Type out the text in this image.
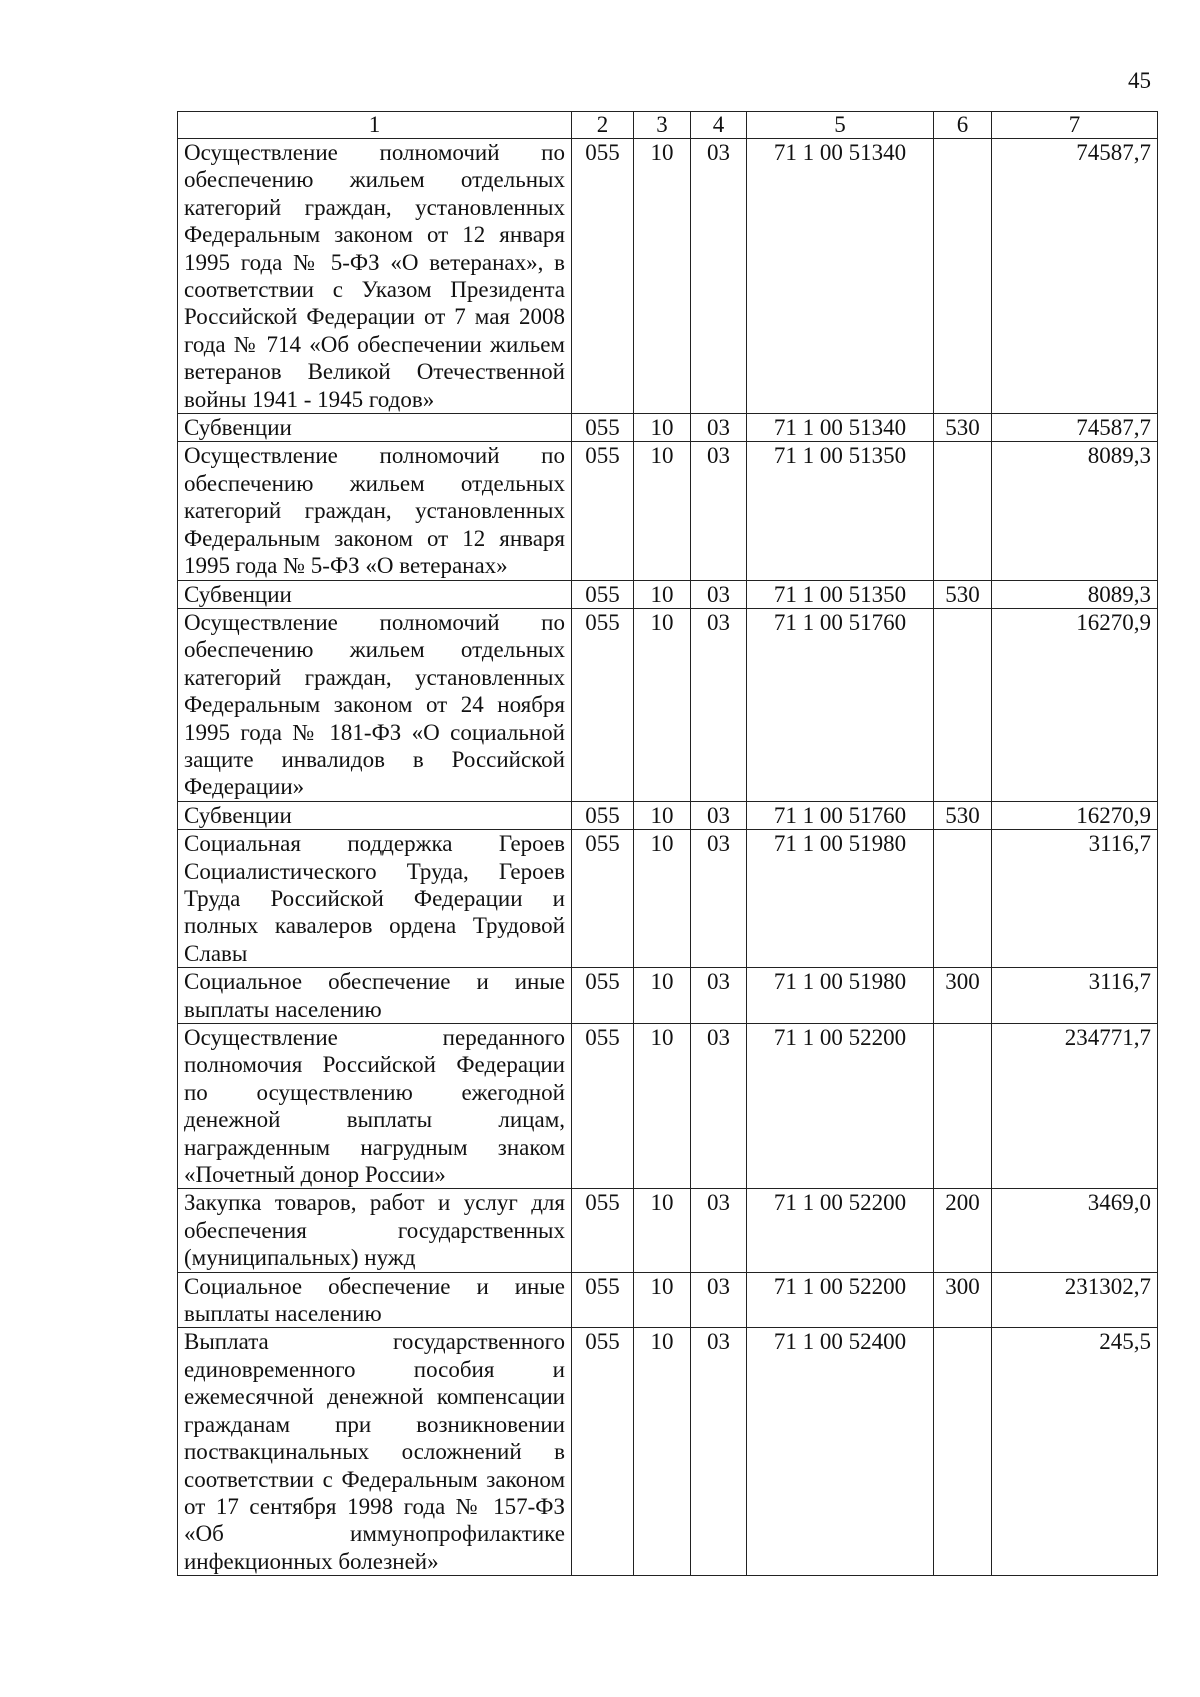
45
1	2	3	4	5	6	7
Осуществление полномочий по обеспечению жильем отдельных категорий граждан, установленных Федеральным законом от 12 января 1995 года № 5-ФЗ «О ветеранах», в соответствии с Указом Президента Российской Федерации от 7 мая 2008 года № 714 «Об обеспечении жильем ветеранов Великой Отечественной войны 1941 - 1945 годов»	055	10	03	71 1 00 51340		74587,7
Субвенции	055	10	03	71 1 00 51340	530	74587,7
Осуществление полномочий по обеспечению жильем отдельных категорий граждан, установленных Федеральным законом от 12 января 1995 года № 5-ФЗ «О ветеранах»	055	10	03	71 1 00 51350		8089,3
Субвенции	055	10	03	71 1 00 51350	530	8089,3
Осуществление полномочий по обеспечению жильем отдельных категорий граждан, установленных Федеральным законом от 24 ноября 1995 года № 181-ФЗ «О социальной защите инвалидов в Российской Федерации»	055	10	03	71 1 00 51760		16270,9
Субвенции	055	10	03	71 1 00 51760	530	16270,9
Социальная поддержка Героев Социалистического Труда, Героев Труда Российской Федерации и полных кавалеров ордена Трудовой Славы	055	10	03	71 1 00 51980		3116,7
Социальное обеспечение и иные выплаты населению	055	10	03	71 1 00 51980	300	3116,7
Осуществление переданного полномочия Российской Федерации по осуществлению ежегодной денежной выплаты лицам, награжденным нагрудным знаком «Почетный донор России»	055	10	03	71 1 00 52200		234771,7
Закупка товаров, работ и услуг для обеспечения государственных (муниципальных) нужд	055	10	03	71 1 00 52200	200	3469,0
Социальное обеспечение и иные выплаты населению	055	10	03	71 1 00 52200	300	231302,7
Выплата государственного единовременного пособия и ежемесячной денежной компенсации гражданам при возникновении поствакцинальных осложнений в соответствии с Федеральным законом от 17 сентября 1998 года № 157-ФЗ «Об иммунопрофилактике инфекционных болезней»	055	10	03	71 1 00 52400		245,5
